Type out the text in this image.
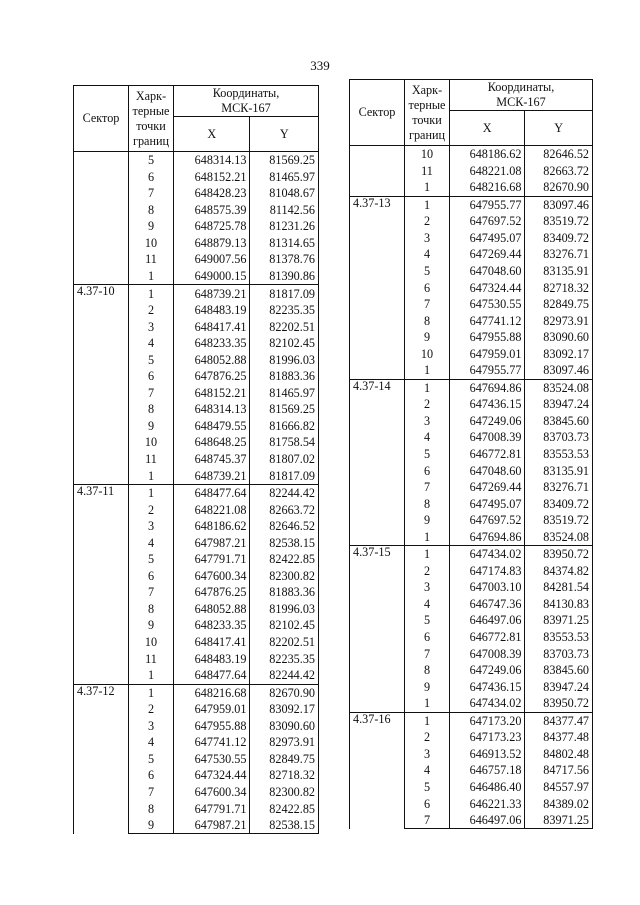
339
Сектор	Харк-
терные
точки
границ	Координаты,
МСК-167	
		X	Y
	5	648314.13	81569.25
	6	648152.21	81465.97
	7	648428.23	81048.67
	8	648575.39	81142.56
	9	648725.78	81231.26
	10	648879.13	81314.65
	11	649007.56	81378.76
	1	649000.15	81390.86
4.37-10	1	648739.21	81817.09
	2	648483.19	82235.35
	3	648417.41	82202.51
	4	648233.35	82102.45
	5	648052.88	81996.03
	6	647876.25	81883.36
	7	648152.21	81465.97
	8	648314.13	81569.25
	9	648479.55	81666.82
	10	648648.25	81758.54
	11	648745.37	81807.02
	1	648739.21	81817.09
4.37-11	1	648477.64	82244.42
	2	648221.08	82663.72
	3	648186.62	82646.52
	4	647987.21	82538.15
	5	647791.71	82422.85
	6	647600.34	82300.82
	7	647876.25	81883.36
	8	648052.88	81996.03
	9	648233.35	82102.45
	10	648417.41	82202.51
	11	648483.19	82235.35
	1	648477.64	82244.42
4.37-12	1	648216.68	82670.90
	2	647959.01	83092.17
	3	647955.88	83090.60
	4	647741.12	82973.91
	5	647530.55	82849.75
	6	647324.44	82718.32
	7	647600.34	82300.82
	8	647791.71	82422.85
	9	647987.21	82538.15
Сектор	Харк-
терные
точки
границ	Координаты,
МСК-167	
		X	Y
	10	648186.62	82646.52
	11	648221.08	82663.72
	1	648216.68	82670.90
4.37-13	1	647955.77	83097.46
	2	647697.52	83519.72
	3	647495.07	83409.72
	4	647269.44	83276.71
	5	647048.60	83135.91
	6	647324.44	82718.32
	7	647530.55	82849.75
	8	647741.12	82973.91
	9	647955.88	83090.60
	10	647959.01	83092.17
	1	647955.77	83097.46
4.37-14	1	647694.86	83524.08
	2	647436.15	83947.24
	3	647249.06	83845.60
	4	647008.39	83703.73
	5	646772.81	83553.53
	6	647048.60	83135.91
	7	647269.44	83276.71
	8	647495.07	83409.72
	9	647697.52	83519.72
	1	647694.86	83524.08
4.37-15	1	647434.02	83950.72
	2	647174.83	84374.82
	3	647003.10	84281.54
	4	646747.36	84130.83
	5	646497.06	83971.25
	6	646772.81	83553.53
	7	647008.39	83703.73
	8	647249.06	83845.60
	9	647436.15	83947.24
	1	647434.02	83950.72
4.37-16	1	647173.20	84377.47
	2	647173.23	84377.48
	3	646913.52	84802.48
	4	646757.18	84717.56
	5	646486.40	84557.97
	6	646221.33	84389.02
	7	646497.06	83971.25
